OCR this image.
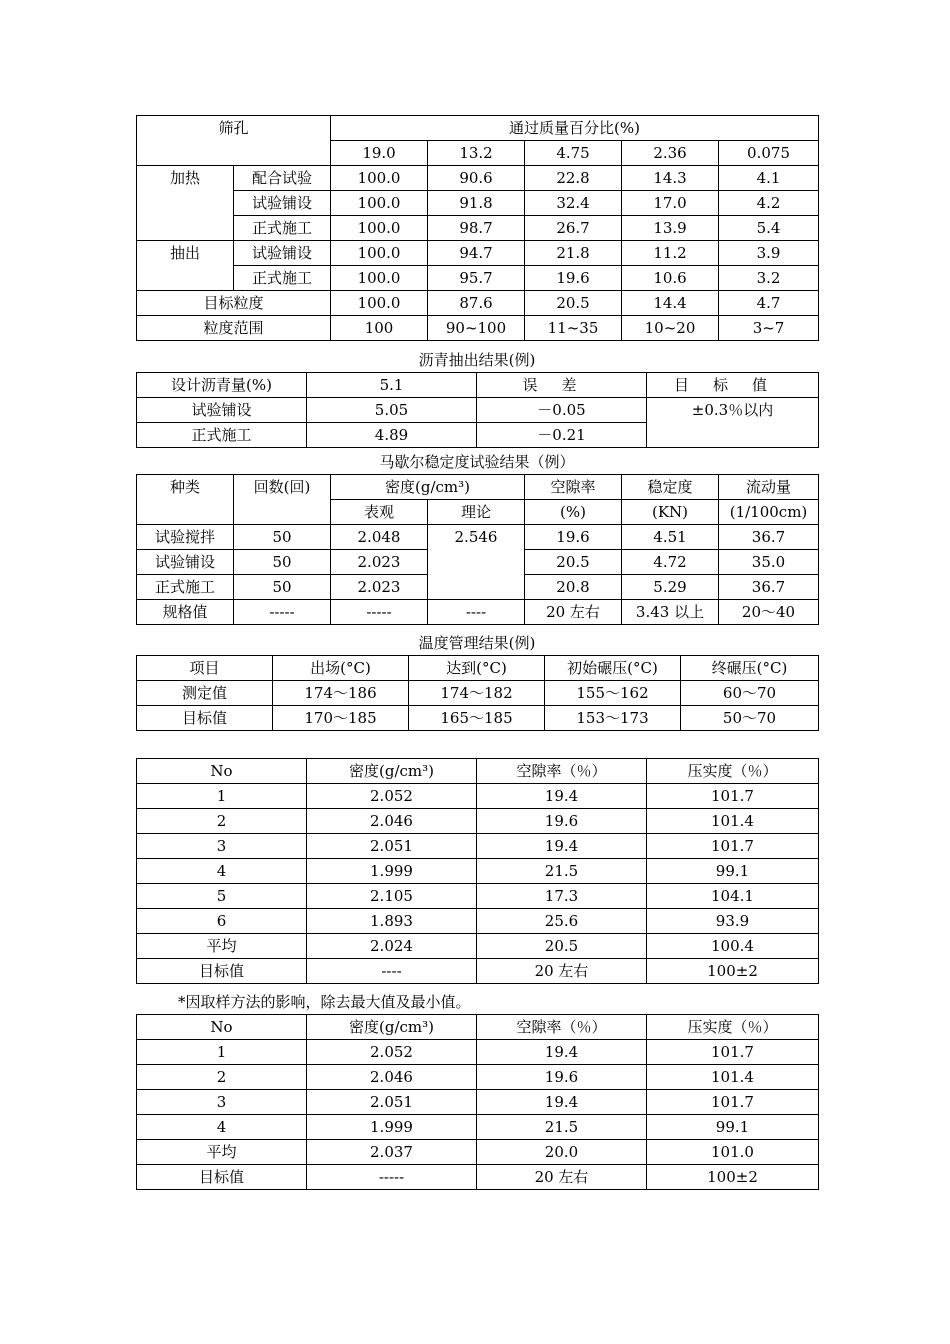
筛孔		通过质量百分比(%)				
		19.0	13.2	4.75	2.36	0.075
加热	配合试验	100.0	90.6	22.8	14.3	4.1
	试验铺设	100.0	91.8	32.4	17.0	4.2
	正式施工	100.0	98.7	26.7	13.9	5.4
抽出	试验铺设	100.0	94.7	21.8	11.2	3.9
	正式施工	100.0	95.7	19.6	10.6	3.2
目标粒度		100.0	87.6	20.5	14.4	4.7
粒度范围		100	90~100	11~35	10~20	3~7
沥青抽出结果(例)
设计沥青量(%)	5.1	误差	目标值
试验铺设	5.05	－0.05	±0.3％以内
正式施工	4.89	－0.21	
马歇尔稳定度试验结果（例）
种类	回数(回)	密度(g/cm³)		空隙率	稳定度	流动量
		表观	理论	(%)	(KN)	(1/100cm)
试验搅拌	50	2.048	2.546	19.6	4.51	36.7
试验铺设	50	2.023		20.5	4.72	35.0
正式施工	50	2.023		20.8	5.29	36.7
规格值	-----	-----	----	20 左右	3.43 以上	20～40
温度管理结果(例)
项目	出场(°C)	达到(°C)	初始碾压(°C)	终碾压(°C)
测定值	174～186	174～182	155～162	60～70
目标值	170～185	165～185	153～173	50～70
No	密度(g/cm³)	空隙率（％）	压实度（％）
1	2.052	19.4	101.7
2	2.046	19.6	101.4
3	2.051	19.4	101.7
4	1.999	21.5	99.1
5	2.105	17.3	104.1
6	1.893	25.6	93.9
平均	2.024	20.5	100.4
目标值	----	20 左右	100±2
*因取样方法的影响，除去最大值及最小值。
No	密度(g/cm³)	空隙率（％）	压实度（％）
1	2.052	19.4	101.7
2	2.046	19.6	101.4
3	2.051	19.4	101.7
4	1.999	21.5	99.1
平均	2.037	20.0	101.0
目标值	-----	20 左右	100±2
